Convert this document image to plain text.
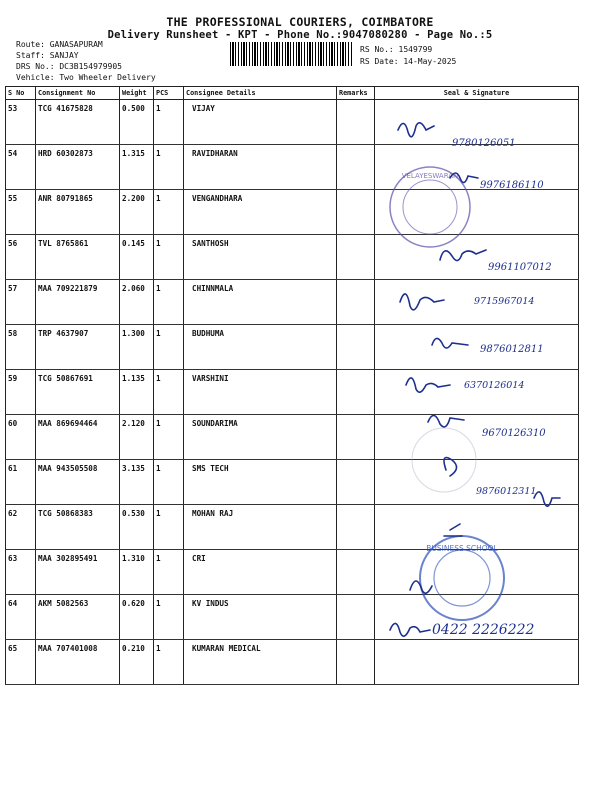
THE PROFESSIONAL COURIERS, COIMBATORE
Delivery Runsheet - KPT - Phone No.:9047080280 - Page No.:5
Route: GANASAPURAM
Staff: SANJAY
DRS No.: DC3B154979905
Vehicle: Two Wheeler Delivery
RS No.: 1549799
RS Date: 14-May-2025
S No	Consignment No	Weight	PCS	Consignee Details	Remarks	Seal & Signature
53	TCG 41675828	0.500	1	VIJAY		
54	HRD 60302873	1.315	1	RAVIDHARAN		
55	ANR 80791865	2.200	1	VENGANDHARA		
56	TVL 8765861	0.145	1	SANTHOSH		
57	MAA 709221879	2.060	1	CHINNMALA		
58	TRP 4637907	1.300	1	BUDHUMA		
59	TCG 50867691	1.135	1	VARSHINI		
60	MAA 869694464	2.120	1	SOUNDARIMA		
61	MAA 943505508	3.135	1	SMS TECH		
62	TCG 50868383	0.530	1	MOHAN RAJ		
63	MAA 302895491	1.310	1	CRI		
64	AKM 5082563	0.620	1	KV INDUS		
65	MAA 707401008	0.210	1	KUMARAN MEDICAL		
VELAYESWARAN
BUSINESS SCHOOL
9780126051
9976186110
9961107012
9715967014
9876012811
6370126014
9670126310
9876012311
0422 2226222
